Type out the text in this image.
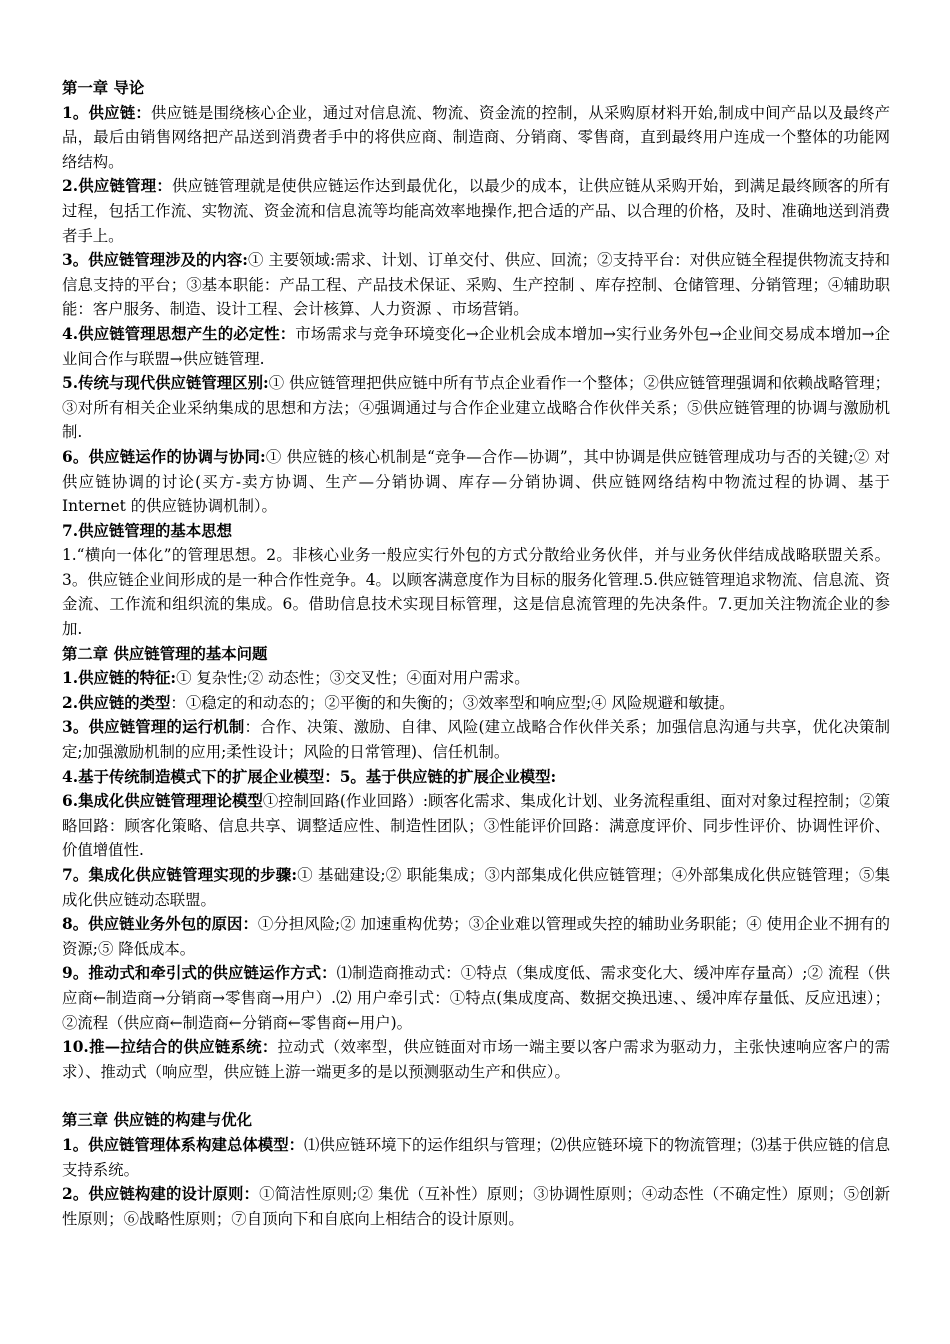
第一章 导论

1。供应链：供应链是围绕核心企业，通过对信息流、物流、资金流的控制，从采购原材料开始,制成中间产品以及最终产品，最后由销售网络把产品送到消费者手中的将供应商、制造商、分销商、零售商，直到最终用户连成一个整体的功能网络结构。

2.供应链管理：供应链管理就是使供应链运作达到最优化，以最少的成本，让供应链从采购开始，到满足最终顾客的所有过程，包括工作流、实物流、资金流和信息流等均能高效率地操作,把合适的产品、以合理的价格，及时、准确地送到消费者手上。

3。供应链管理涉及的内容:① 主要领域:需求、计划、订单交付、供应、回流；②支持平台：对供应链全程提供物流支持和信息支持的平台；③基本职能：产品工程、产品技术保证、采购、生产控制 、库存控制、仓储管理、分销管理；④辅助职能：客户服务、制造、设计工程、会计核算、人力资源 、市场营销。

4.供应链管理思想产生的必定性：市场需求与竞争环境变化→企业机会成本增加→实行业务外包→企业间交易成本增加→企业间合作与联盟→供应链管理.

5.传统与现代供应链管理区别:① 供应链管理把供应链中所有节点企业看作一个整体；②供应链管理强调和依赖战略管理；③对所有相关企业采纳集成的思想和方法；④强调通过与合作企业建立战略合作伙伴关系；⑤供应链管理的协调与激励机制.

6。供应链运作的协调与协同:① 供应链的核心机制是“竞争—合作—协调”，其中协调是供应链管理成功与否的关键;② 对供应链协调的讨论(买方-卖方协调、生产—分销协调、库存—分销协调、供应链网络结构中物流过程的协调、基于 Internet 的供应链协调机制）。

7.供应链管理的基本思想

1.“横向一体化”的管理思想。2。非核心业务一般应实行外包的方式分散给业务伙伴，并与业务伙伴结成战略联盟关系。3。供应链企业间形成的是一种合作性竞争。4。以顾客满意度作为目标的服务化管理.5.供应链管理追求物流、信息流、资金流、工作流和组织流的集成。6。借助信息技术实现目标管理，这是信息流管理的先决条件。7.更加关注物流企业的参加.

第二章 供应链管理的基本问题

1.供应链的特征:① 复杂性;② 动态性；③交叉性；④面对用户需求。

2.供应链的类型：①稳定的和动态的；②平衡的和失衡的；③效率型和响应型;④ 风险规避和敏捷。

3。供应链管理的运行机制：合作、决策、激励、自律、风险(建立战略合作伙伴关系；加强信息沟通与共享，优化决策制定;加强激励机制的应用;柔性设计；风险的日常管理)、信任机制。

4.基于传统制造模式下的扩展企业模型：5。基于供应链的扩展企业模型:

6.集成化供应链管理理论模型①控制回路(作业回路）:顾客化需求、集成化计划、业务流程重组、面对对象过程控制；②策略回路：顾客化策略、信息共享、调整适应性、制造性团队；③性能评价回路：满意度评价、同步性评价、协调性评价、价值增值性.

7。集成化供应链管理实现的步骤:① 基础建设;② 职能集成；③内部集成化供应链管理；④外部集成化供应链管理；⑤集成化供应链动态联盟。

8。供应链业务外包的原因：①分担风险;② 加速重构优势；③企业难以管理或失控的辅助业务职能；④ 使用企业不拥有的资源;⑤ 降低成本。

9。推动式和牵引式的供应链运作方式：⑴制造商推动式：①特点（集成度低、需求变化大、缓冲库存量高）;② 流程（供应商←制造商→分销商→零售商→用户）.⑵ 用户牵引式：①特点(集成度高、数据交换迅速、、缓冲库存量低、反应迅速）；②流程（供应商←制造商←分销商←零售商←用户)。

10.推—拉结合的供应链系统：拉动式（效率型，供应链面对市场一端主要以客户需求为驱动力，主张快速响应客户的需求）、推动式（响应型，供应链上游一端更多的是以预测驱动生产和供应）。

第三章 供应链的构建与优化

1。供应链管理体系构建总体模型：⑴供应链环境下的运作组织与管理；⑵供应链环境下的物流管理；⑶基于供应链的信息支持系统。

2。供应链构建的设计原则：①简洁性原则;② 集优（互补性）原则；③协调性原则；④动态性（不确定性）原则；⑤创新性原则；⑥战略性原则；⑦自顶向下和自底向上相结合的设计原则。
